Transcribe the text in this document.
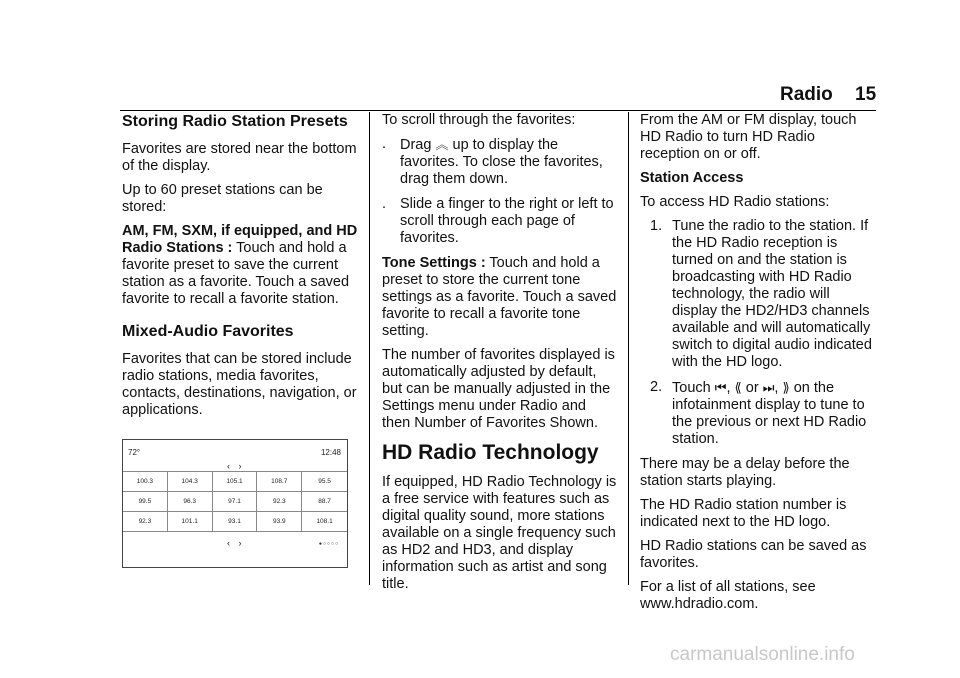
Radio 15
Storing Radio Station Presets

Favorites are stored near the bottom of the display.

Up to 60 preset stations can be stored:

AM, FM, SXM, if equipped, and HD Radio Stations : Touch and hold a favorite preset to save the current station as a favorite. Touch a saved favorite to recall a favorite station.

Mixed-Audio Favorites

Favorites that can be stored include radio stations, media favorites, contacts, destinations, navigation, or applications.

72°	12:48
‹ ›
100.3	104.3	105.1	108.7	95.5
99.5	96.3	97.1	92.3	88.7
92.3	101.1	93.1	93.9	108.1
‹ ›	●○○○○

To scroll through the favorites:

. Drag ︽ up to display the favorites. To close the favorites, drag them down.
. Slide a finger to the right or left to scroll through each page of favorites.

Tone Settings : Touch and hold a preset to store the current tone settings as a favorite. Touch a saved favorite to recall a favorite tone setting.

The number of favorites displayed is automatically adjusted by default, but can be manually adjusted in the Settings menu under Radio and then Number of Favorites Shown.

HD Radio Technology

If equipped, HD Radio Technology is a free service with features such as digital quality sound, more stations available on a single frequency such as HD2 and HD3, and display information such as artist and song title.

From the AM or FM display, touch HD Radio to turn HD Radio reception on or off.

Station Access

To access HD Radio stations:

1. Tune the radio to the station. If the HD Radio reception is turned on and the station is broadcasting with HD Radio technology, the radio will display the HD2/HD3 channels available and will automatically switch to digital audio indicated with the HD logo.
2. Touch ⏮, ⟪ or ⏭, ⟫ on the infotainment display to tune to the previous or next HD Radio station.

There may be a delay before the station starts playing.

The HD Radio station number is indicated next to the HD logo.

HD Radio stations can be saved as favorites.

For a list of all stations, see www.hdradio.com.

carmanualsonline.info
